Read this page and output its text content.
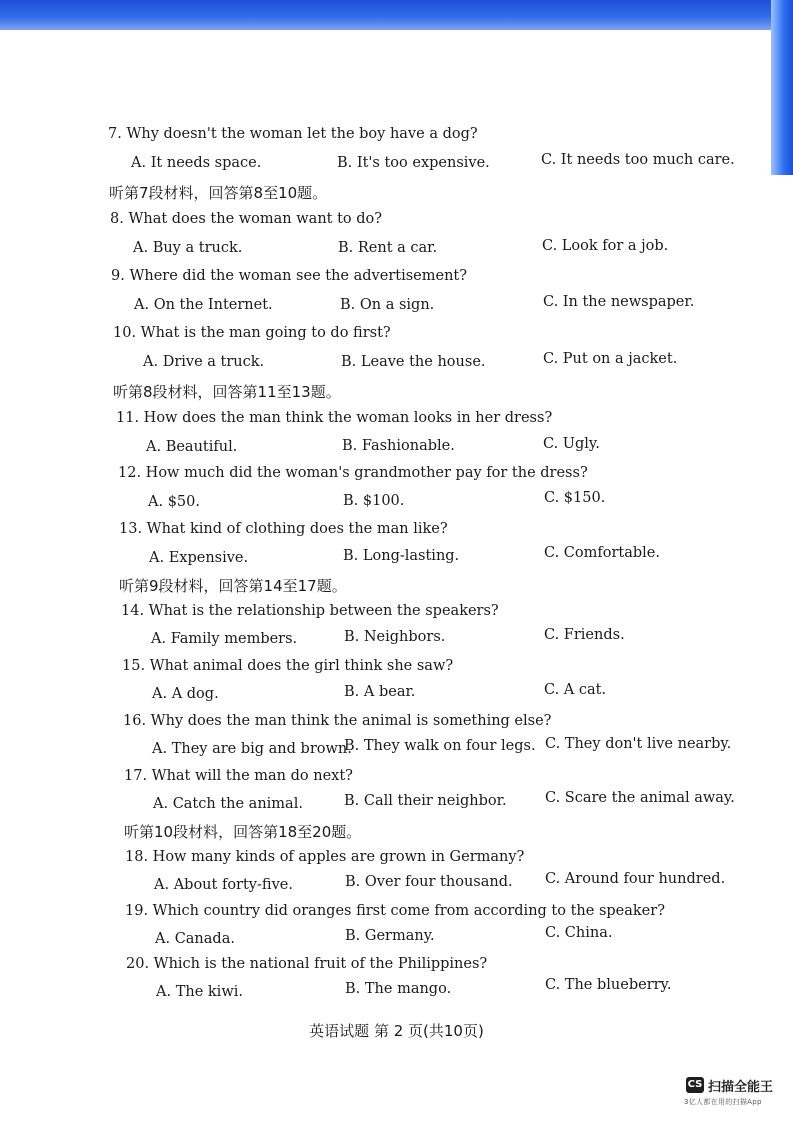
7. Why doesn't the woman let the boy have a dog?
A. It needs space.	B. It's too expensive.	C. It needs too much care.
听第7段材料，回答第8至10题。
8. What does the woman want to do?
A. Buy a truck.	B. Rent a car.	C. Look for a job.
9. Where did the woman see the advertisement?
A. On the Internet.	B. On a sign.	C. In the newspaper.
10. What is the man going to do first?
A. Drive a truck.	B. Leave the house.	C. Put on a jacket.
听第8段材料，回答第11至13题。
11. How does the man think the woman looks in her dress?
A. Beautiful.	B. Fashionable.	C. Ugly.
12. How much did the woman's grandmother pay for the dress?
A. $50.	B. $100.	C. $150.
13. What kind of clothing does the man like?
A. Expensive.	B. Long-lasting.	C. Comfortable.
听第9段材料，回答第14至17题。
14. What is the relationship between the speakers?
A. Family members.	B. Neighbors.	C. Friends.
15. What animal does the girl think she saw?
A. A dog.	B. A bear.	C. A cat.
16. Why does the man think the animal is something else?
A. They are big and brown.
B. They walk on four legs. C. They don't live nearby.
17. What will the man do next?
A. Catch the animal.	B. Call their neighbor.	C. Scare the animal away.
听第10段材料，回答第18至20题。
18. How many kinds of apples are grown in Germany?
A. About forty-five.	B. Over four thousand. C. Around four hundred.
19. Which country did oranges first come from according to the speaker?
A. Canada.	B. Germany.	C. China.
20. Which is the national fruit of the Philippines?
A. The kiwi.	B. The mango.	C. The blueberry.
英语试题 第 2 页(共10页)
CS 扫描全能王
3亿人都在用的扫描App
